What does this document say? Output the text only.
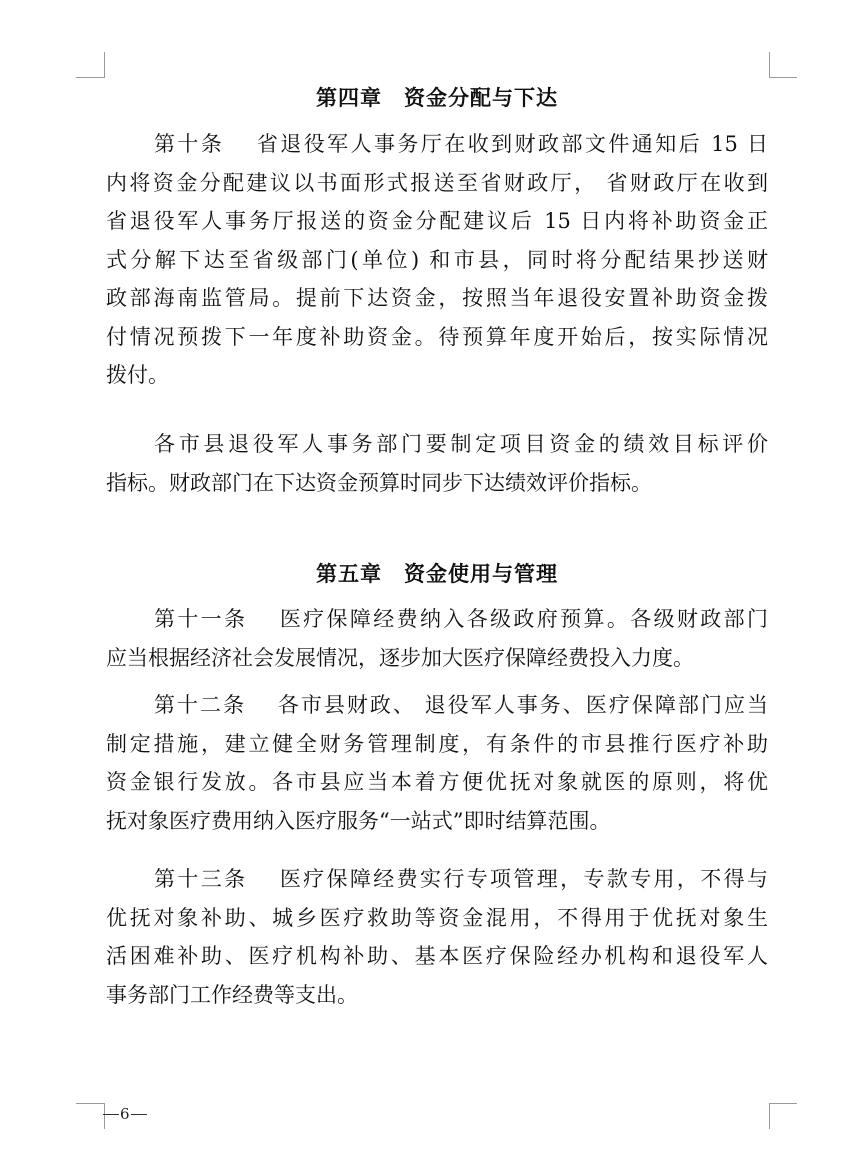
第四章　资金分配与下达
第十条　 省退役军人事务厅在收到财政部文件通知后 15 日
内将资金分配建议以书面形式报送至省财政厅， 省财政厅在收到
省退役军人事务厅报送的资金分配建议后 15 日内将补助资金正
式分解下达至省级部门(单位) 和市县，同时将分配结果抄送财
政部海南监管局。提前下达资金，按照当年退役安置补助资金拨
付情况预拨下一年度补助资金。待预算年度开始后，按实际情况
拨付。
各市县退役军人事务部门要制定项目资金的绩效目标评价
指标。财政部门在下达资金预算时同步下达绩效评价指标。
第五章　资金使用与管理
第十一条　 医疗保障经费纳入各级政府预算。各级财政部门
应当根据经济社会发展情况，逐步加大医疗保障经费投入力度。
第十二条　 各市县财政、 退役军人事务、医疗保障部门应当
制定措施，建立健全财务管理制度，有条件的市县推行医疗补助
资金银行发放。各市县应当本着方便优抚对象就医的原则，将优
抚对象医疗费用纳入医疗服务“一站式”即时结算范围。
第十三条　 医疗保障经费实行专项管理，专款专用，不得与
优抚对象补助、城乡医疗救助等资金混用，不得用于优抚对象生
活困难补助、医疗机构补助、基本医疗保险经办机构和退役军人
事务部门工作经费等支出。
6
